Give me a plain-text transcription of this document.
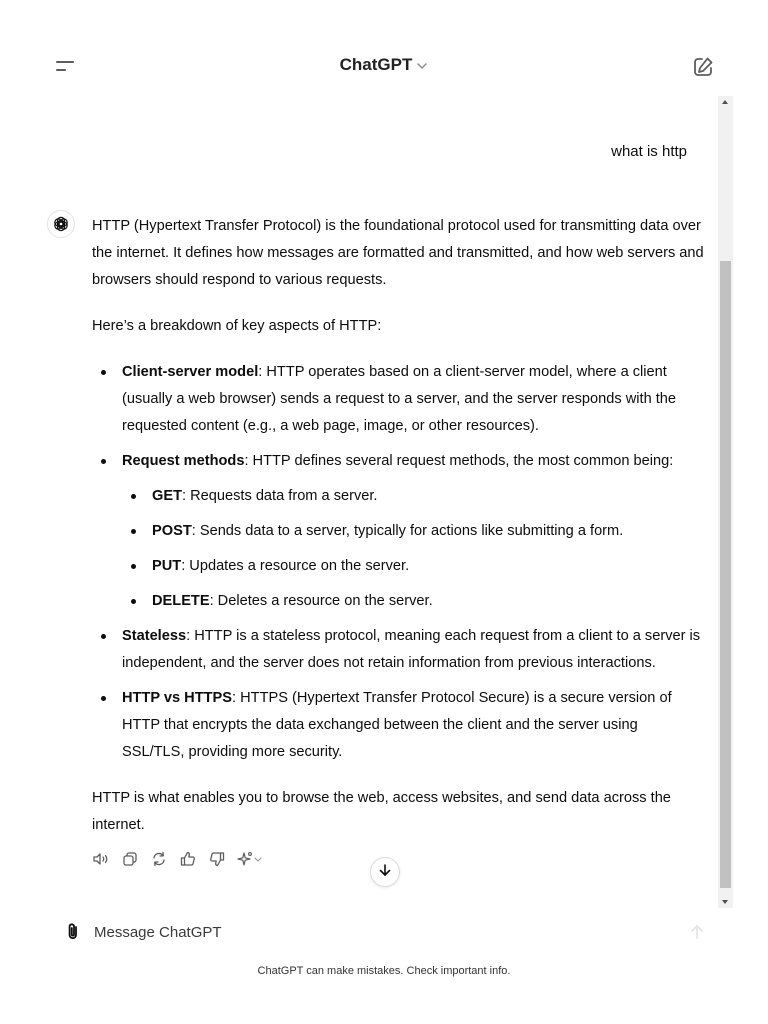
ChatGPT
what is http

HTTP (Hypertext Transfer Protocol) is the foundational protocol used for transmitting data over the internet. It defines how messages are formatted and transmitted, and how web servers and browsers should respond to various requests.

Here’s a breakdown of key aspects of HTTP:

Client-server model: HTTP operates based on a client-server model, where a client (usually a web browser) sends a request to a server, and the server responds with the requested content (e.g., a web page, image, or other resources).
Request methods: HTTP defines several request methods, the most common being:
GET: Requests data from a server.
POST: Sends data to a server, typically for actions like submitting a form.
PUT: Updates a resource on the server.
DELETE: Deletes a resource on the server.
Stateless: HTTP is a stateless protocol, meaning each request from a client to a server is independent, and the server does not retain information from previous interactions.
HTTP vs HTTPS: HTTPS (Hypertext Transfer Protocol Secure) is a secure version of HTTP that encrypts the data exchanged between the client and the server using SSL/TLS, providing more security.

HTTP is what enables you to browse the web, access websites, and send data across the internet.

Message ChatGPT
ChatGPT can make mistakes. Check important info.
